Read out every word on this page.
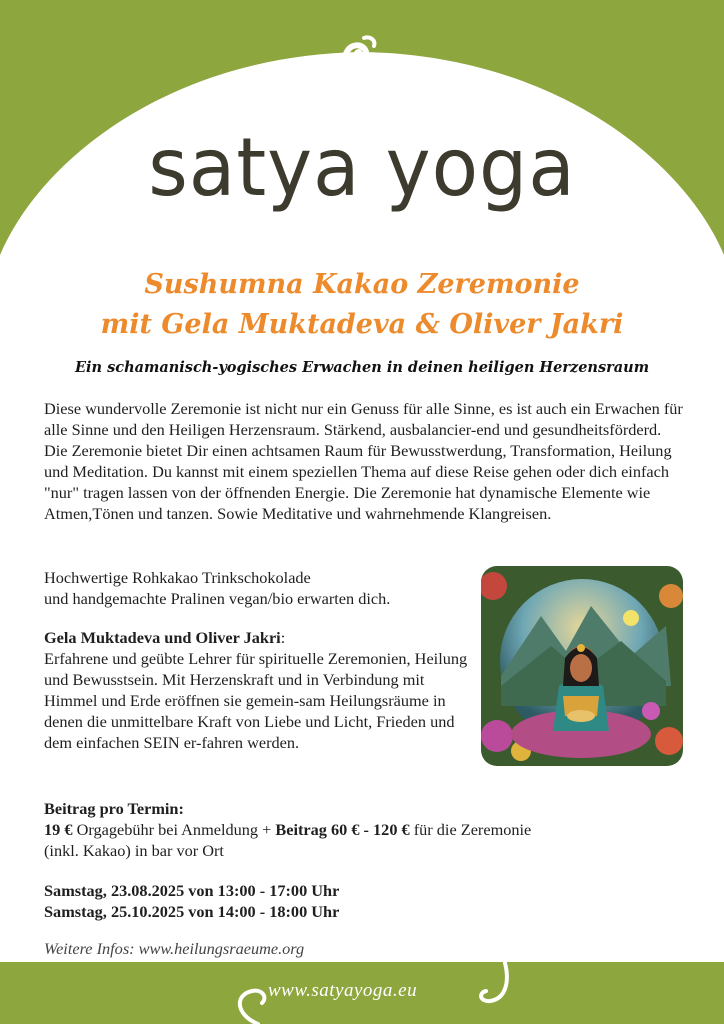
satya yoga
Sushumna Kakao Zeremonie
mit Gela Muktadeva & Oliver Jakri
Ein schamanisch-yogisches Erwachen in deinen heiligen Herzensraum

Diese wundervolle Zeremonie ist nicht nur ein Genuss für alle Sinne, es ist auch ein Erwachen für alle Sinne und den Heiligen Herzensraum. Stärkend, ausbalancier-end und gesundheitsförderd. Die Zeremonie bietet Dir einen achtsamen Raum für Bewusstwerdung, Transformation, Heilung und Meditation. Du kannst mit einem speziellen Thema auf diese Reise gehen oder dich einfach "nur" tragen lassen von der öffnenden Energie. Die Zeremonie hat dynamische Elemente wie Atmen,Tönen und tanzen. Sowie Meditative und wahrnehmende Klangreisen.

Hochwertige Rohkakao Trinkschokolade
und handgemachte Pralinen vegan/bio erwarten dich.

Gela Muktadeva und Oliver Jakri:
Erfahrene und geübte Lehrer für spirituelle Zeremonien, Heilung und Bewusstsein. Mit Herzenskraft und in Verbindung mit Himmel und Erde eröffnen sie gemein-sam Heilungsräume in denen die unmittelbare Kraft von Liebe und Licht, Frieden und dem einfachen SEIN er-fahren werden.

Beitrag pro Termin:
19 € Orgagebühr bei Anmeldung + Beitrag 60 € - 120 € für die Zeremonie
(inkl. Kakao) in bar vor Ort
Samstag, 23.08.2025 von 13:00 - 17:00 Uhr
Samstag, 25.10.2025 von 14:00 - 18:00 Uhr
Weitere Infos: www.heilungsraeume.org
www.satyayoga.eu
